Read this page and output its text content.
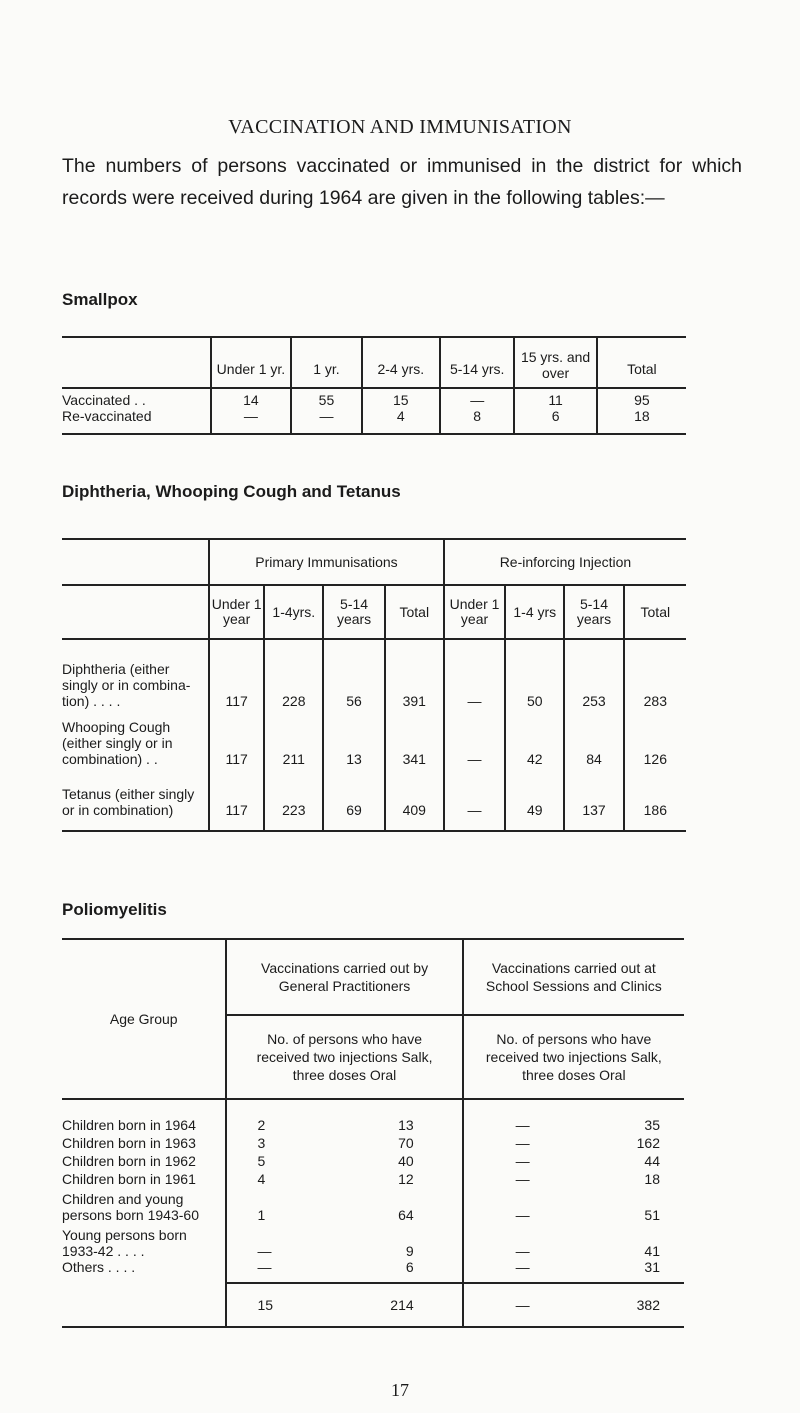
VACCINATION AND IMMUNISATION
The numbers of persons vaccinated or immunised in the district for which records were received during 1964 are given in the following tables:—
Smallpox

	Under 1 yr.	1 yr.	2-4 yrs.	5-14 yrs.	15 yrs. and over	Total

Vaccinated . .	14	55	15	—	11	95
Re-vaccinated	—	—	4	8	6	18
Diphtheria, Whooping Cough and Tetanus
	Primary Immunisations				Re-inforcing Injection			
	Under 1 year	1-4yrs.	5-14 years	Total	Under 1 year	1-4 yrs	5-14 years	Total
Diphtheria (either singly or in combina-tion) . . . .	117	228	56	391	—	50	253	283
Whooping Cough (either singly or in combination) . .	117	211	13	341	—	42	84	126
Tetanus (either singly or in combination)	117	223	69	409	—	49	137	186
Poliomyelitis
Age Group	Vaccinations carried out by General Practitioners	Vaccinations carried out at School Sessions and Clinics
	No. of persons who have received two injections Salk, three doses Oral	No. of persons who have received two injections Salk, three doses Oral
Children born in 1964	2 13	— 35

Children born in 1963	3 70	— 162

Children born in 1962	5 40	— 44

Children born in 1961	4 12	— 18

Children and young persons born 1943-60	1 64	— 51

Young persons born 1933-42 . . . .	— 9	— 41

Others . . . .	— 6	— 31

	15 214	— 382
17
